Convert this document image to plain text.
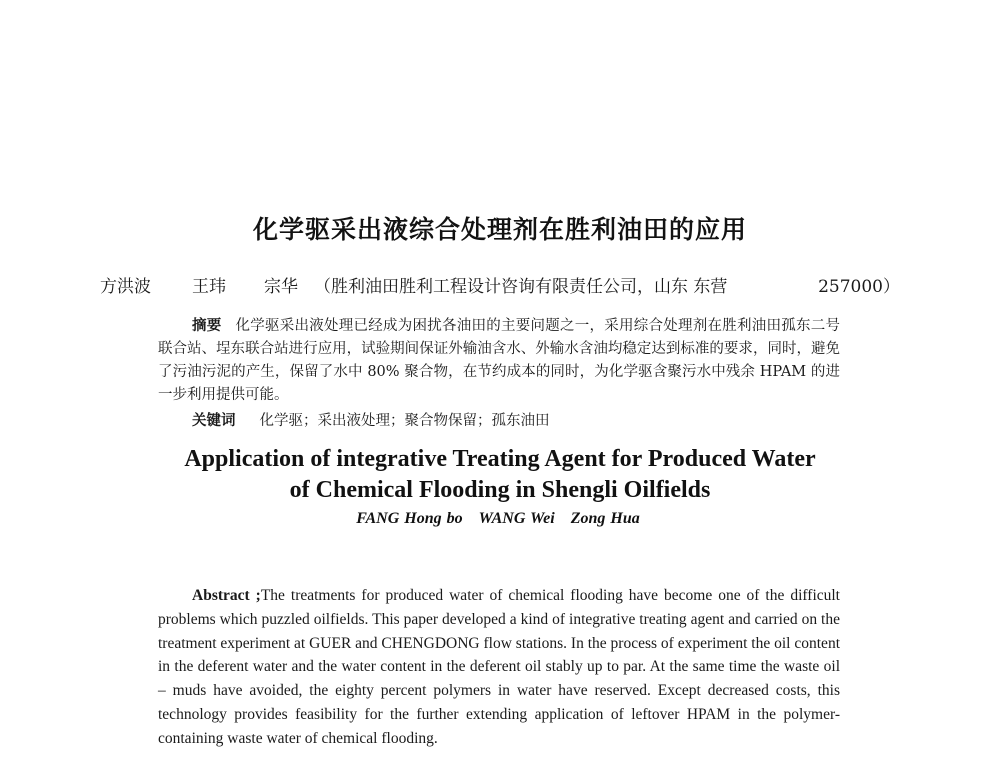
化学驱采出液综合处理剂在胜利油田的应用
方洪波 王玮 宗华 （胜利油田胜利工程设计咨询有限责任公司，山东 东营	257000）
摘要 化学驱采出液处理已经成为困扰各油田的主要问题之一，采用综合处理剂在胜利油田孤东二号联合站、埕东联合站进行应用，试验期间保证外输油含水、外输水含油均稳定达到标准的要求，同时，避免了污油污泥的产生，保留了水中 80% 聚合物，在节约成本的同时，为化学驱含聚污水中残余 HPAM 的进一步利用提供可能。
关键词 化学驱；采出液处理；聚合物保留；孤东油田
Application of integrative Treating Agent for Produced Water
of Chemical Flooding in Shengli Oilfields
FANG Hong bo WANG Wei Zong Hua
Abstract ;The treatments for produced water of chemical flooding have become one of the difficult problems which puzzled oilfields. This paper developed a kind of integrative treating agent and carried on the treatment experiment at GUER and CHENGDONG flow stations. In the process of experiment the oil content in the deferent water and the water content in the deferent oil stably up to par. At the same time the waste oil – muds have avoided, the eighty percent polymers in water have reserved. Except decreased costs, this technology provides feasibility for the further extending application of leftover HPAM in the polymer-containing waste water of chemical flooding.
